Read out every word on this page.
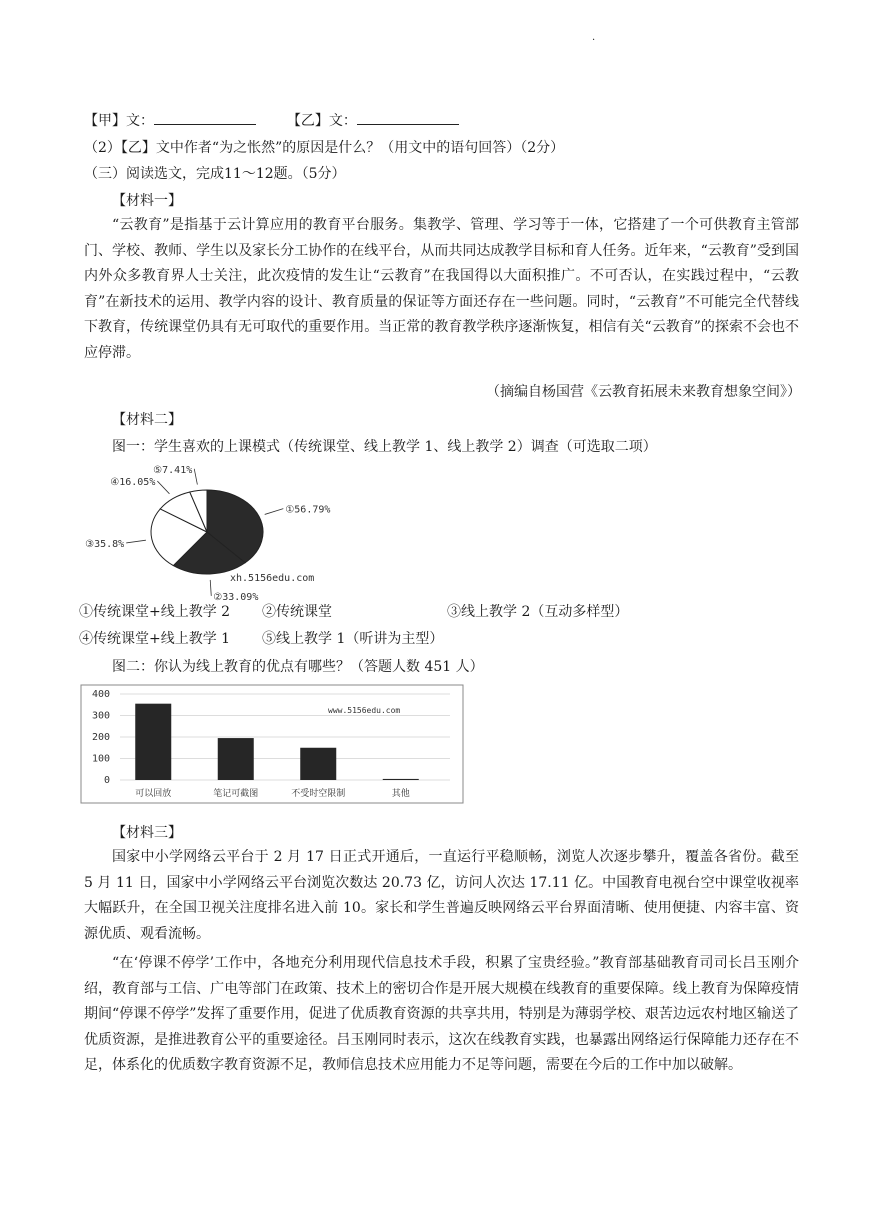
.
【甲】文：	【乙】文：
（2）【乙】文中作者“为之怅然”的原因是什么？（用文中的语句回答）（2分）
（三）阅读选文，完成11～12题。（5分）
【材料一】
“云教育”是指基于云计算应用的教育平台服务。集教学、管理、学习等于一体，它搭建了一个可供教育主管部门、学校、教师、学生以及家长分工协作的在线平台，从而共同达成教学目标和育人任务。近年来，“云教育”受到国内外众多教育界人士关注，此次疫情的发生让“云教育”在我国得以大面积推广。不可否认，在实践过程中，“云教育”在新技术的运用、教学内容的设计、教育质量的保证等方面还存在一些问题。同时，“云教育”不可能完全代替线下教育，传统课堂仍具有无可取代的重要作用。当正常的教育教学秩序逐渐恢复，相信有关“云教育”的探索不会也不应停滞。
（摘编自杨国营《云教育拓展未来教育想象空间》）
【材料二】
图一：学生喜欢的上课模式（传统课堂、线上教学 1、线上教学 2）调查（可选取二项）
①56.79%
②33.09%
③35.8%
④16.05%
⑤7.41%
xh.5156edu.com
①传统课堂+线上教学 2 ②传统课堂	③线上教学 2（互动多样型）
④传统课堂+线上教学 1 ⑤线上教学 1（听讲为主型）
图二：你认为线上教育的优点有哪些？（答题人数 451 人）
0
100
200
300
400
可以回放	笔记可截图	不受时空限制	其他
www.5156edu.com
【材料三】
国家中小学网络云平台于 2 月 17 日正式开通后，一直运行平稳顺畅，浏览人次逐步攀升，覆盖各省份。截至 5 月 11 日，国家中小学网络云平台浏览次数达 20.73 亿，访问人次达 17.11 亿。中国教育电视台空中课堂收视率大幅跃升，在全国卫视关注度排名进入前 10。家长和学生普遍反映网络云平台界面清晰、使用便捷、内容丰富、资源优质、观看流畅。
“在‘停课不停学’工作中，各地充分利用现代信息技术手段，积累了宝贵经验。”教育部基础教育司司长吕玉刚介绍，教育部与工信、广电等部门在政策、技术上的密切合作是开展大规模在线教育的重要保障。线上教育为保障疫情期间“停课不停学”发挥了重要作用，促进了优质教育资源的共享共用，特别是为薄弱学校、艰苦边远农村地区输送了优质资源，是推进教育公平的重要途径。吕玉刚同时表示，这次在线教育实践，也暴露出网络运行保障能力还存在不足，体系化的优质数字教育资源不足，教师信息技术应用能力不足等问题，需要在今后的工作中加以破解。
